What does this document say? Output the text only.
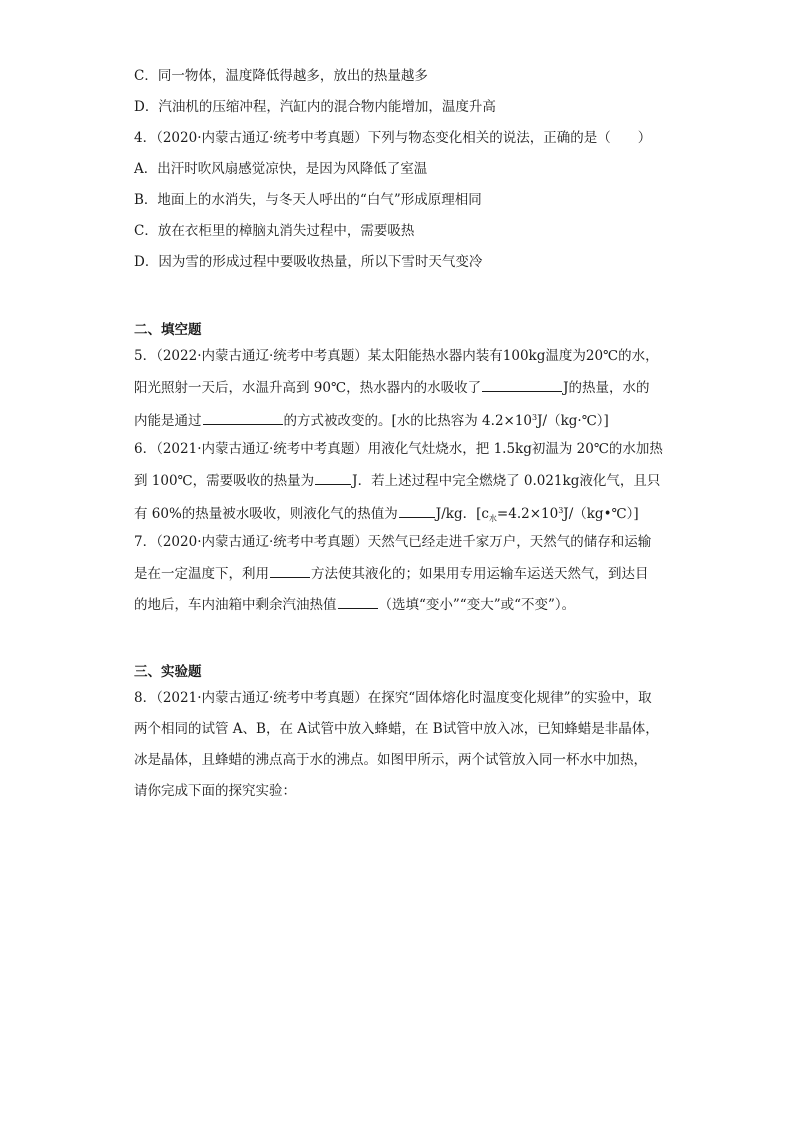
C．同一物体，温度降低得越多，放出的热量越多
D．汽油机的压缩冲程，汽缸内的混合物内能增加，温度升高
4．（2020·内蒙古通辽·统考中考真题）下列与物态变化相关的说法，正确的是（　　）
A．出汗时吹风扇感觉凉快，是因为风降低了室温
B．地面上的水消失，与冬天人呼出的“白气”形成原理相同
C．放在衣柜里的樟脑丸消失过程中，需要吸热
D．因为雪的形成过程中要吸收热量，所以下雪时天气变冷
二、填空题
5．（2022·内蒙古通辽·统考中考真题）某太阳能热水器内装有100kg温度为20℃的水，
阳光照射一天后，水温升高到 90℃，热水器内的水吸收了	J的热量，水的
内能是通过	的方式被改变的。[水的比热容为 $4.2\times 10^3J/(kg\cdot℃)$]
6．（2021·内蒙古通辽·统考中考真题）用液化气灶烧水，把 1.5kg初温为 20℃的水加热
到 100℃，需要吸收的热量为	J．若上述过程中完全燃烧了 0.021kg液化气，且只
有 60%的热量被水吸收，则液化气的热值为	J/kg．$[c_水=4.2\times 10^3J/(kg•℃)]$
7．（2020·内蒙古通辽·统考中考真题）天然气已经走进千家万户，天然气的储存和运输
是在一定温度下，利用	方法使其液化的；如果用专用运输车运送天然气，到达目
的地后，车内油箱中剩余汽油热值	（选填“变小”“变大”或“不变”）。
三、实验题
8．（2021·内蒙古通辽·统考中考真题）在探究“固体熔化时温度变化规律”的实验中，取
两个相同的试管 A、B，在 A试管中放入蜂蜡，在 B试管中放入冰，已知蜂蜡是非晶体，
冰是晶体，且蜂蜡的沸点高于水的沸点。如图甲所示，两个试管放入同一杯水中加热，
请你完成下面的探究实验：
